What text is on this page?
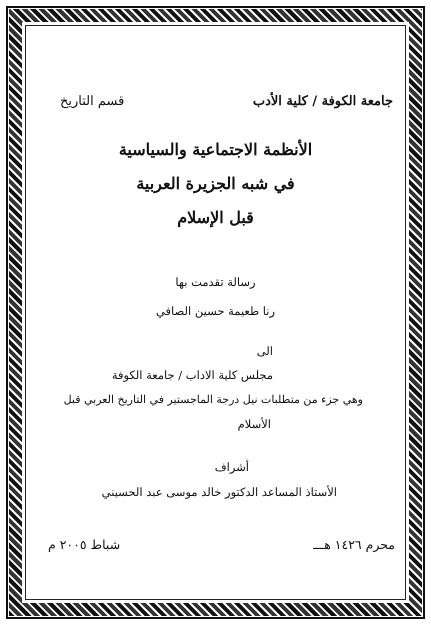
جامعة الكوفة / كلية الأدب
قسم التاريخ
الأنظمة الاجتماعية والسياسية
في شبه الجزيرة العربية
قبل الإسلام
رسالة تقدمت بها
رنا طعيمة حسين الصافي
الى
مجلس كلية الاداب / جامعة الكوفة
وهي جزء من متطلبات نيل درجة الماجستير في التاريخ العربي قبل
الأسلام
أشراف
الأستاذ المساعد الدكتور خالد موسى عبد الحسيني
محرم ١٤٢٦ هـــ
شباط ٢٠٠٥ م
